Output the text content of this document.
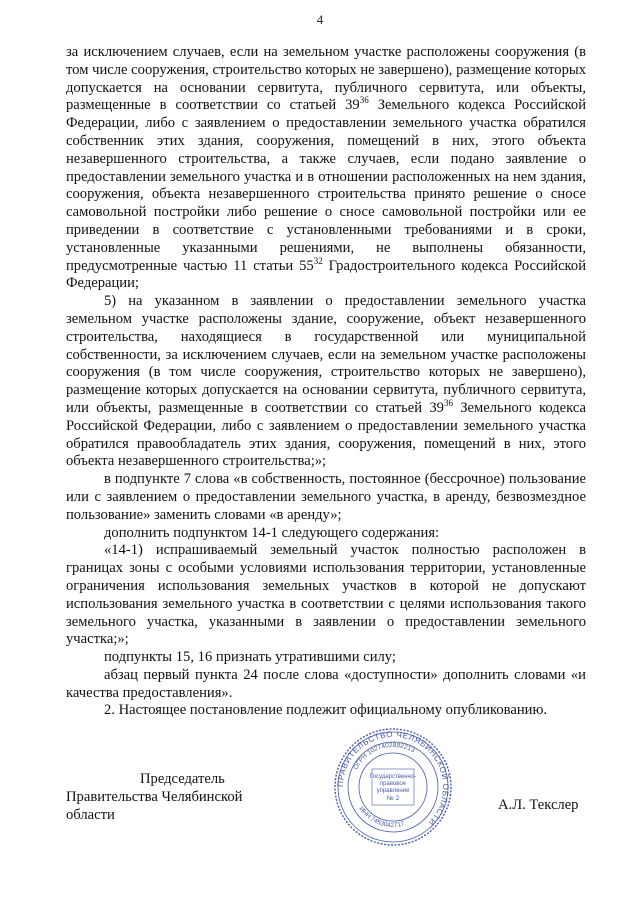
4

за исключением случаев, если на земельном участке расположены сооружения (в том числе сооружения, строительство которых не завершено), размещение которых допускается на основании сервитута, публичного сервитута, или объекты, размещенные в соответствии со статьей $39^{36}$ Земельного кодекса Российской Федерации, либо с заявлением о предоставлении земельного участка обратился собственник этих здания, сооружения, помещений в них, этого объекта незавершенного строительства, а также случаев, если подано заявление о предоставлении земельного участка и в отношении расположенных на нем здания, сооружения, объекта незавершенного строительства принято решение о сносе самовольной постройки либо решение о сносе самовольной постройки или ее приведении в соответствие с установленными требованиями и в сроки, установленные указанными решениями, не выполнены обязанности, предусмотренные частью 11 статьи $55^{32}$ Градостроительного кодекса Российской Федерации;

5) на указанном в заявлении о предоставлении земельного участка земельном участке расположены здание, сооружение, объект незавершенного строительства, находящиеся в государственной или муниципальной собственности, за исключением случаев, если на земельном участке расположены сооружения (в том числе сооружения, строительство которых не завершено), размещение которых допускается на основании сервитута, публичного сервитута, или объекты, размещенные в соответствии со статьей $39^{36}$ Земельного кодекса Российской Федерации, либо с заявлением о предоставлении земельного участка обратился правообладатель этих здания, сооружения, помещений в них, этого объекта незавершенного строительства;»;

в подпункте 7 слова «в собственность, постоянное (бессрочное) пользование или с заявлением о предоставлении земельного участка, в аренду, безвозмездное пользование» заменить словами «в аренду»;

дополнить подпунктом 14-1 следующего содержания:

«14-1) испрашиваемый земельный участок полностью расположен в границах зоны с особыми условиями использования территории, установленные ограничения использования земельных участков в которой не допускают использования земельного участка в соответствии с целями использования такого земельного участка, указанными в заявлении о предоставлении земельного участка;»;

подпункты 15, 16 признать утратившими силу;

абзац первый пункта 24 после слова «доступности» дополнить словами «и качества предоставления».

2. Настоящее постановление подлежит официальному опубликованию.

Председатель
Правительства Челябинской области
А.Л. Текслер
ПРАВИТЕЛЬСТВО ЧЕЛЯБИНСКОЙ ОБЛАСТИ
ОГРН 1027402882213
ИНН 7453042717
Государственно-
правовое
управление
№ 2
